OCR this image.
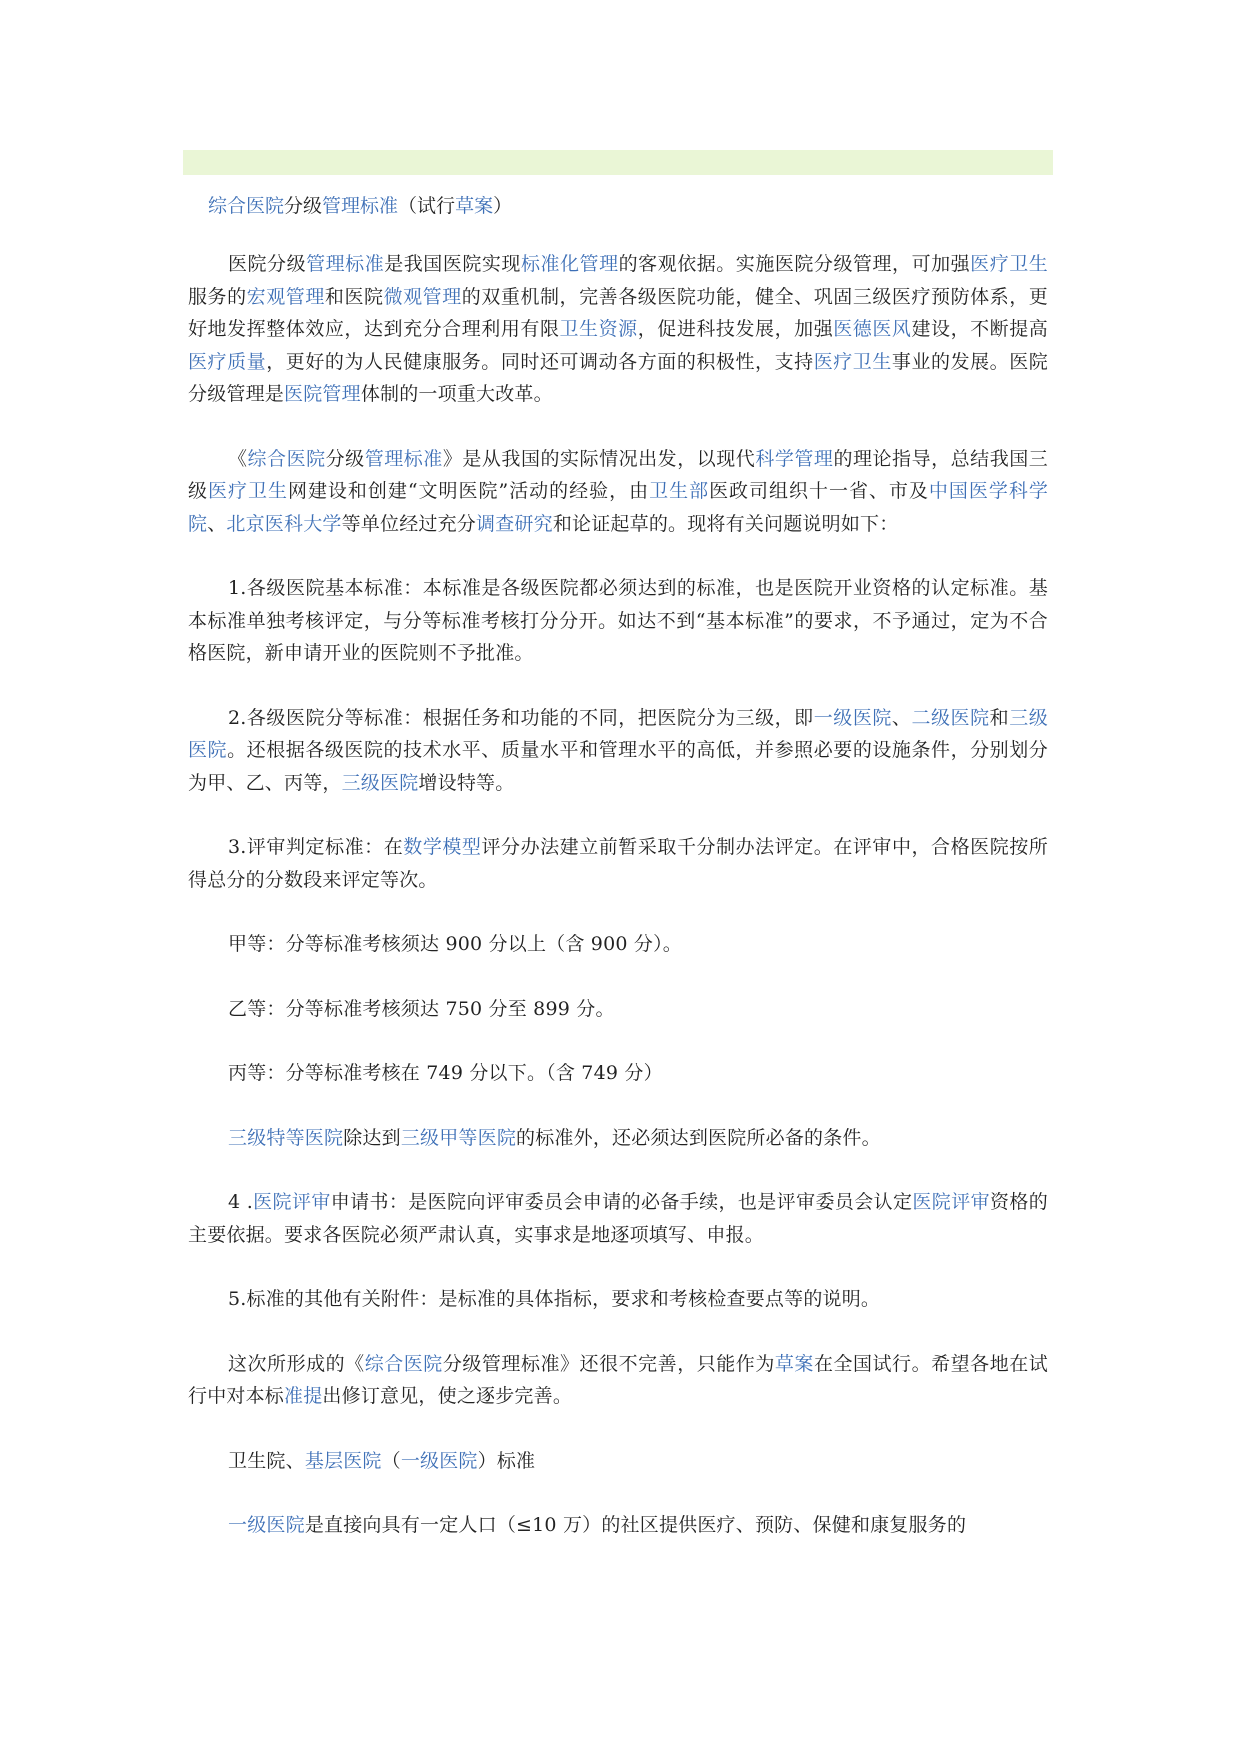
综合医院分级管理标准（试行草案）

医院分级管理标准是我国医院实现标准化管理的客观依据。实施医院分级管理，可加强医疗卫生服务的宏观管理和医院微观管理的双重机制，完善各级医院功能，健全、巩固三级医疗预防体系，更好地发挥整体效应，达到充分合理利用有限卫生资源，促进科技发展，加强医德医风建设，不断提高医疗质量，更好的为人民健康服务。同时还可调动各方面的积极性，支持医疗卫生事业的发展。医院分级管理是医院管理体制的一项重大改革。

《综合医院分级管理标准》是从我国的实际情况出发，以现代科学管理的理论指导，总结我国三级医疗卫生网建设和创建“文明医院”活动的经验，由卫生部医政司组织十一省、市及中国医学科学院、北京医科大学等单位经过充分调查研究和论证起草的。现将有关问题说明如下：

1.各级医院基本标准：本标准是各级医院都必须达到的标准，也是医院开业资格的认定标准。基本标准单独考核评定，与分等标准考核打分分开。如达不到“基本标准”的要求，不予通过，定为不合格医院，新申请开业的医院则不予批准。

2.各级医院分等标准：根据任务和功能的不同，把医院分为三级，即一级医院、二级医院和三级医院。还根据各级医院的技术水平、质量水平和管理水平的高低，并参照必要的设施条件，分别划分为甲、乙、丙等，三级医院增设特等。

3.评审判定标准：在数学模型评分办法建立前暂采取千分制办法评定。在评审中，合格医院按所得总分的分数段来评定等次。

甲等：分等标准考核须达 900 分以上（含 900 分）。

乙等：分等标准考核须达 750 分至 899 分。

丙等：分等标准考核在 749 分以下。（含 749 分）

三级特等医院除达到三级甲等医院的标准外，还必须达到医院所必备的条件。

4 .医院评审申请书：是医院向评审委员会申请的必备手续，也是评审委员会认定医院评审资格的主要依据。要求各医院必须严肃认真，实事求是地逐项填写、申报。

5.标准的其他有关附件：是标准的具体指标，要求和考核检查要点等的说明。

这次所形成的《综合医院分级管理标准》还很不完善，只能作为草案在全国试行。希望各地在试行中对本标准提出修订意见，使之逐步完善。

卫生院、基层医院（一级医院）标准

一级医院是直接向具有一定人口（≤10 万）的社区提供医疗、预防、保健和康复服务的
